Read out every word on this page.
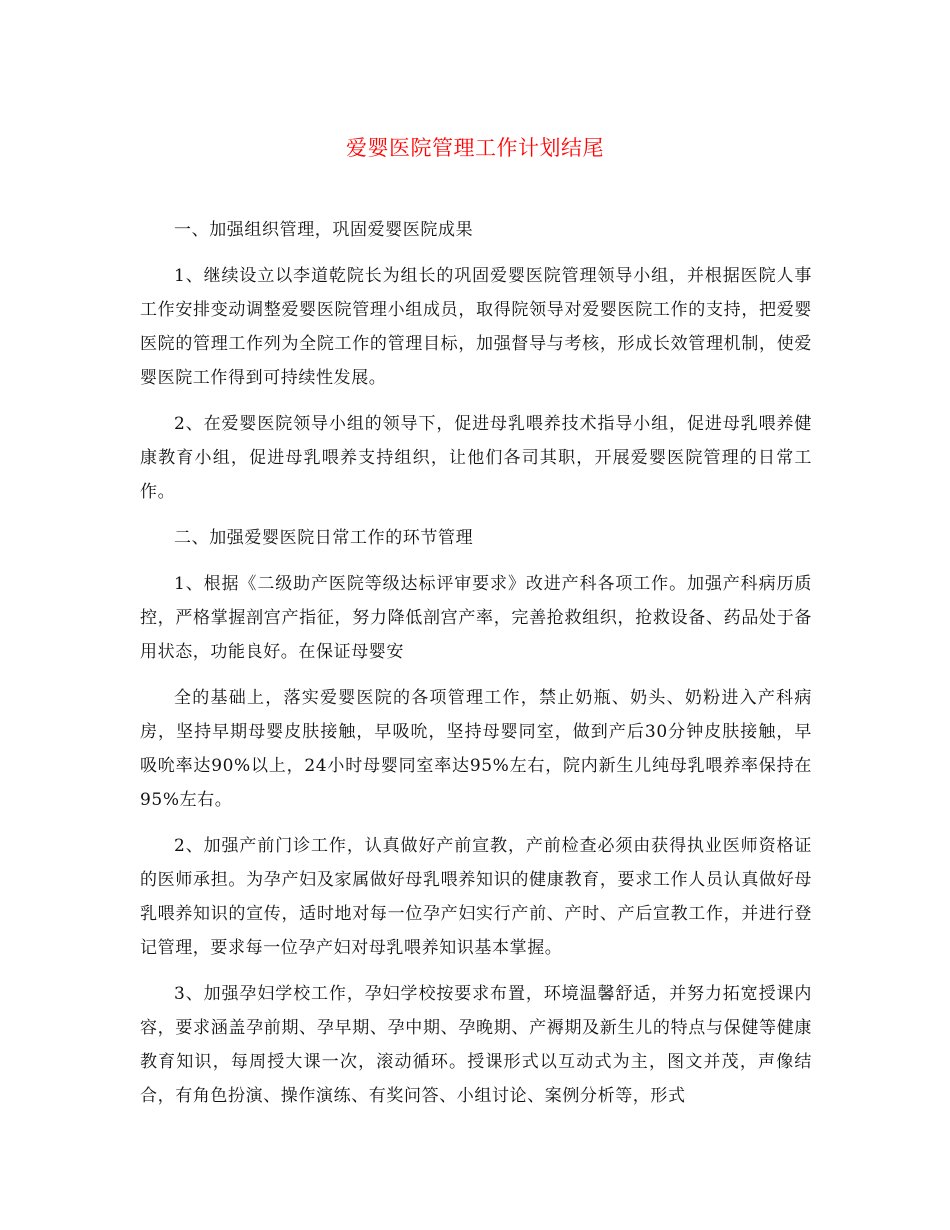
爱婴医院管理工作计划结尾

一、加强组织管理，巩固爱婴医院成果

1、继续设立以李道乾院长为组长的巩固爱婴医院管理领导小组，并根据医院人事工作安排变动调整爱婴医院管理小组成员，取得院领导对爱婴医院工作的支持，把爱婴医院的管理工作列为全院工作的管理目标，加强督导与考核，形成长效管理机制，使爱婴医院工作得到可持续性发展。

2、在爱婴医院领导小组的领导下，促进母乳喂养技术指导小组，促进母乳喂养健康教育小组，促进母乳喂养支持组织，让他们各司其职，开展爱婴医院管理的日常工作。

二、加强爱婴医院日常工作的环节管理

1、根据《二级助产医院等级达标评审要求》改进产科各项工作。加强产科病历质控，严格掌握剖宫产指征，努力降低剖宫产率，完善抢救组织，抢救设备、药品处于备用状态，功能良好。在保证母婴安

全的基础上，落实爱婴医院的各项管理工作，禁止奶瓶、奶头、奶粉进入产科病房，坚持早期母婴皮肤接触，早吸吮，坚持母婴同室，做到产后30分钟皮肤接触，早吸吮率达90%以上，24小时母婴同室率达95%左右，院内新生儿纯母乳喂养率保持在95%左右。

2、加强产前门诊工作，认真做好产前宣教，产前检查必须由获得执业医师资格证的医师承担。为孕产妇及家属做好母乳喂养知识的健康教育，要求工作人员认真做好母乳喂养知识的宣传，适时地对每一位孕产妇实行产前、产时、产后宣教工作，并进行登记管理，要求每一位孕产妇对母乳喂养知识基本掌握。

3、加强孕妇学校工作，孕妇学校按要求布置，环境温馨舒适，并努力拓宽授课内容，要求涵盖孕前期、孕早期、孕中期、孕晚期、产褥期及新生儿的特点与保健等健康教育知识，每周授大课一次，滚动循环。授课形式以互动式为主，图文并茂，声像结合，有角色扮演、操作演练、有奖问答、小组讨论、案例分析等，形式
